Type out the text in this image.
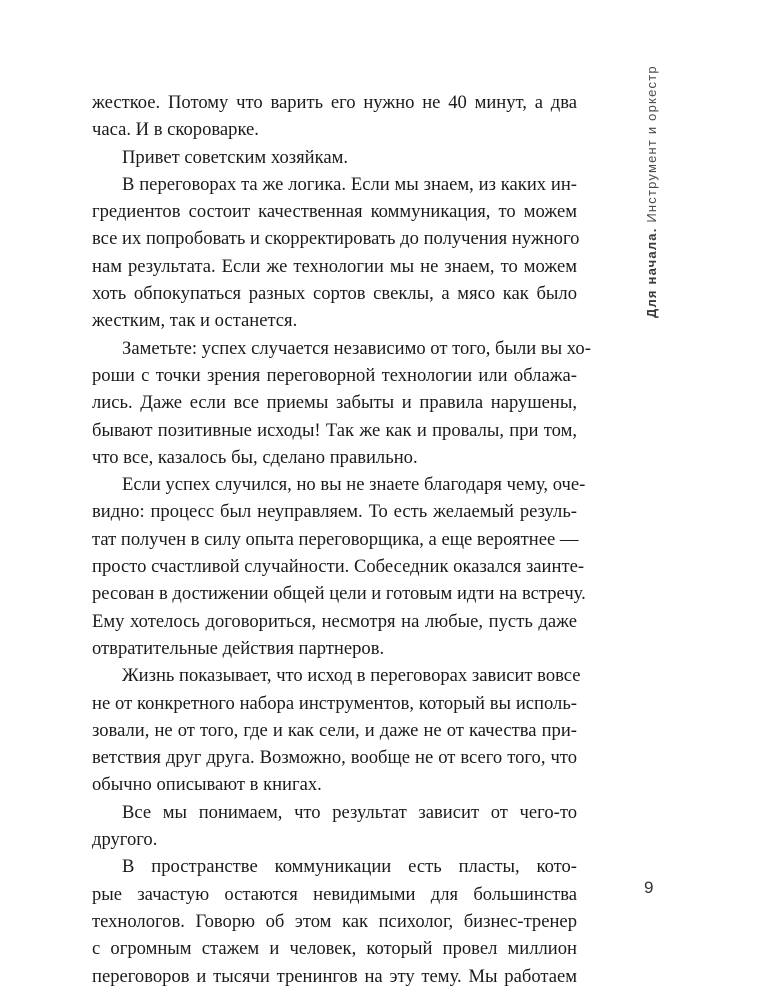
жесткое. Потому что варить его нужно не 40 минут, а два
часа. И в скороварке.

Привет советским хозяйкам.

В переговорах та же логика. Если мы знаем, из каких ин-
гредиентов состоит качественная коммуникация, то можем
все их попробовать и скорректировать до получения нужного
нам результата. Если же технологии мы не знаем, то можем
хоть обпокупаться разных сортов свеклы, а мясо как было
жестким, так и останется.

Заметьте: успех случается независимо от того, были вы хо-
роши с точки зрения переговорной технологии или облажа-
лись. Даже если все приемы забыты и правила нарушены,
бывают позитивные исходы! Так же как и провалы, при том,
что все, казалось бы, сделано правильно.

Если успех случился, но вы не знаете благодаря чему, оче-
видно: процесс был неуправляем. То есть желаемый резуль-
тат получен в силу опыта переговорщика, а еще вероятнее —
просто счастливой случайности. Собеседник оказался заинте-
ресован в достижении общей цели и готовым идти на встречу.
Ему хотелось договориться, несмотря на любые, пусть даже
отвратительные действия партнеров.

Жизнь показывает, что исход в переговорах зависит вовсе
не от конкретного набора инструментов, который вы исполь-
зовали, не от того, где и как сели, и даже не от качества при-
ветствия друг друга. Возможно, вообще не от всего того, что
обычно описывают в книгах.

Все мы понимаем, что результат зависит от чего-то
другого.

В пространстве коммуникации есть пласты, кото-
рые зачастую остаются невидимыми для большинства
технологов. Говорю об этом как психолог, бизнес-тренер
с огромным стажем и человек, который провел миллион
переговоров и тысячи тренингов на эту тему. Мы работаем

Для начала. Инструмент и оркестр
9
